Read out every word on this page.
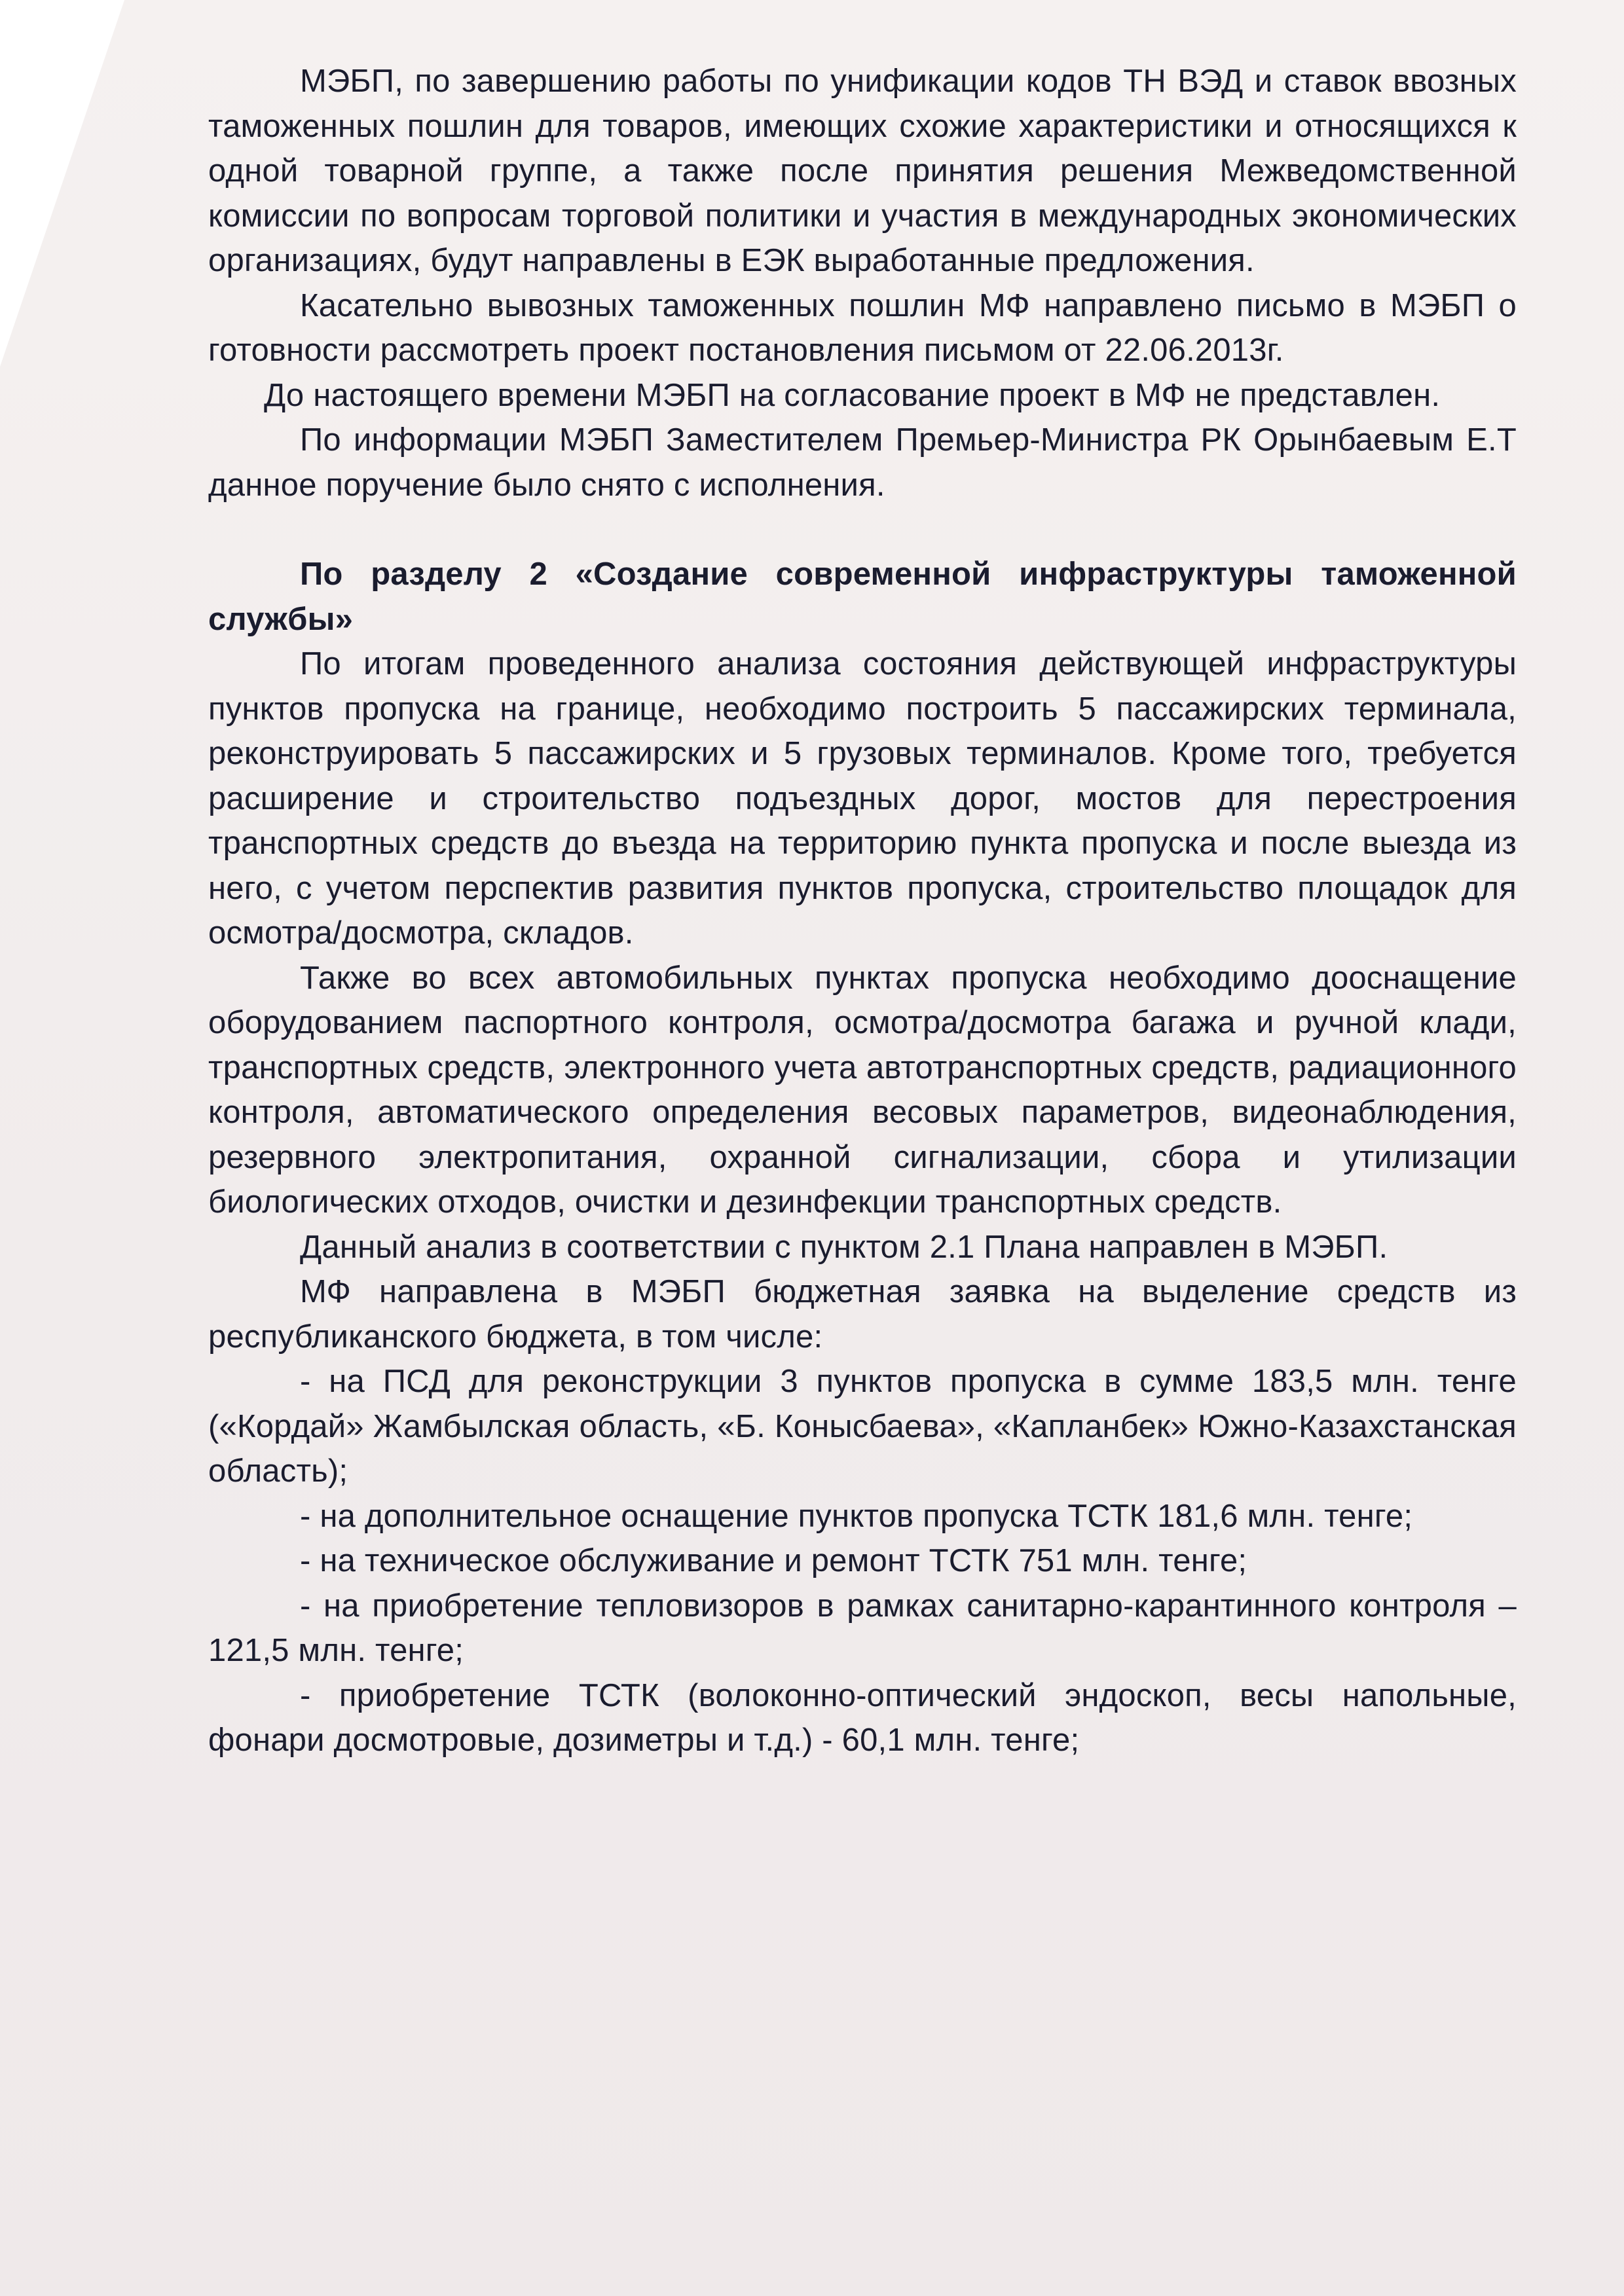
МЭБП, по завершению работы по унификации кодов ТН ВЭД и ставок ввозных таможенных пошлин для товаров, имеющих схожие характеристики и относящихся к одной товарной группе, а также после принятия решения Межведомственной комиссии по вопросам торговой политики и участия в международных экономических организациях, будут направлены в ЕЭК выработанные предложения.

Касательно вывозных таможенных пошлин МФ направлено письмо в МЭБП о готовности рассмотреть проект постановления письмом от 22.06.2013г.

До настоящего времени МЭБП на согласование проект в МФ не представлен.

По информации МЭБП Заместителем Премьер-Министра РК Орынбаевым Е.Т данное поручение было снято с исполнения.

По разделу 2 «Создание современной инфраструктуры таможенной службы»

По итогам проведенного анализа состояния действующей инфраструктуры пунктов пропуска на границе, необходимо построить 5 пассажирских терминала, реконструировать 5 пассажирских и 5 грузовых терминалов. Кроме того, требуется расширение и строительство подъездных дорог, мостов для перестроения транспортных средств до въезда на территорию пункта пропуска и после выезда из него, с учетом перспектив развития пунктов пропуска, строительство площадок для осмотра/досмотра, складов.

Также во всех автомобильных пунктах пропуска необходимо дооснащение оборудованием паспортного контроля, осмотра/досмотра багажа и ручной клади, транспортных средств, электронного учета автотранспортных средств, радиационного контроля, автоматического определения весовых параметров, видеонаблюдения, резервного электропитания, охранной сигнализации, сбора и утилизации биологических отходов, очистки и дезинфекции транспортных средств.

Данный анализ в соответствии с пунктом 2.1 Плана направлен в МЭБП.

МФ направлена в МЭБП бюджетная заявка на выделение средств из республиканского бюджета, в том числе:

- на ПСД для реконструкции 3 пунктов пропуска в сумме 183,5 млн. тенге («Кордай» Жамбылская область, «Б. Конысбаева», «Капланбек» Южно-Казахстанская область);

- на дополнительное оснащение пунктов пропуска ТСТК 181,6 млн. тенге;

- на техническое обслуживание и ремонт ТСТК 751 млн. тенге;

- на приобретение тепловизоров в рамках санитарно-карантинного контроля – 121,5 млн. тенге;

- приобретение ТСТК (волоконно-оптический эндоскоп, весы напольные, фонари досмотровые, дозиметры и т.д.) - 60,1 млн. тенге;
